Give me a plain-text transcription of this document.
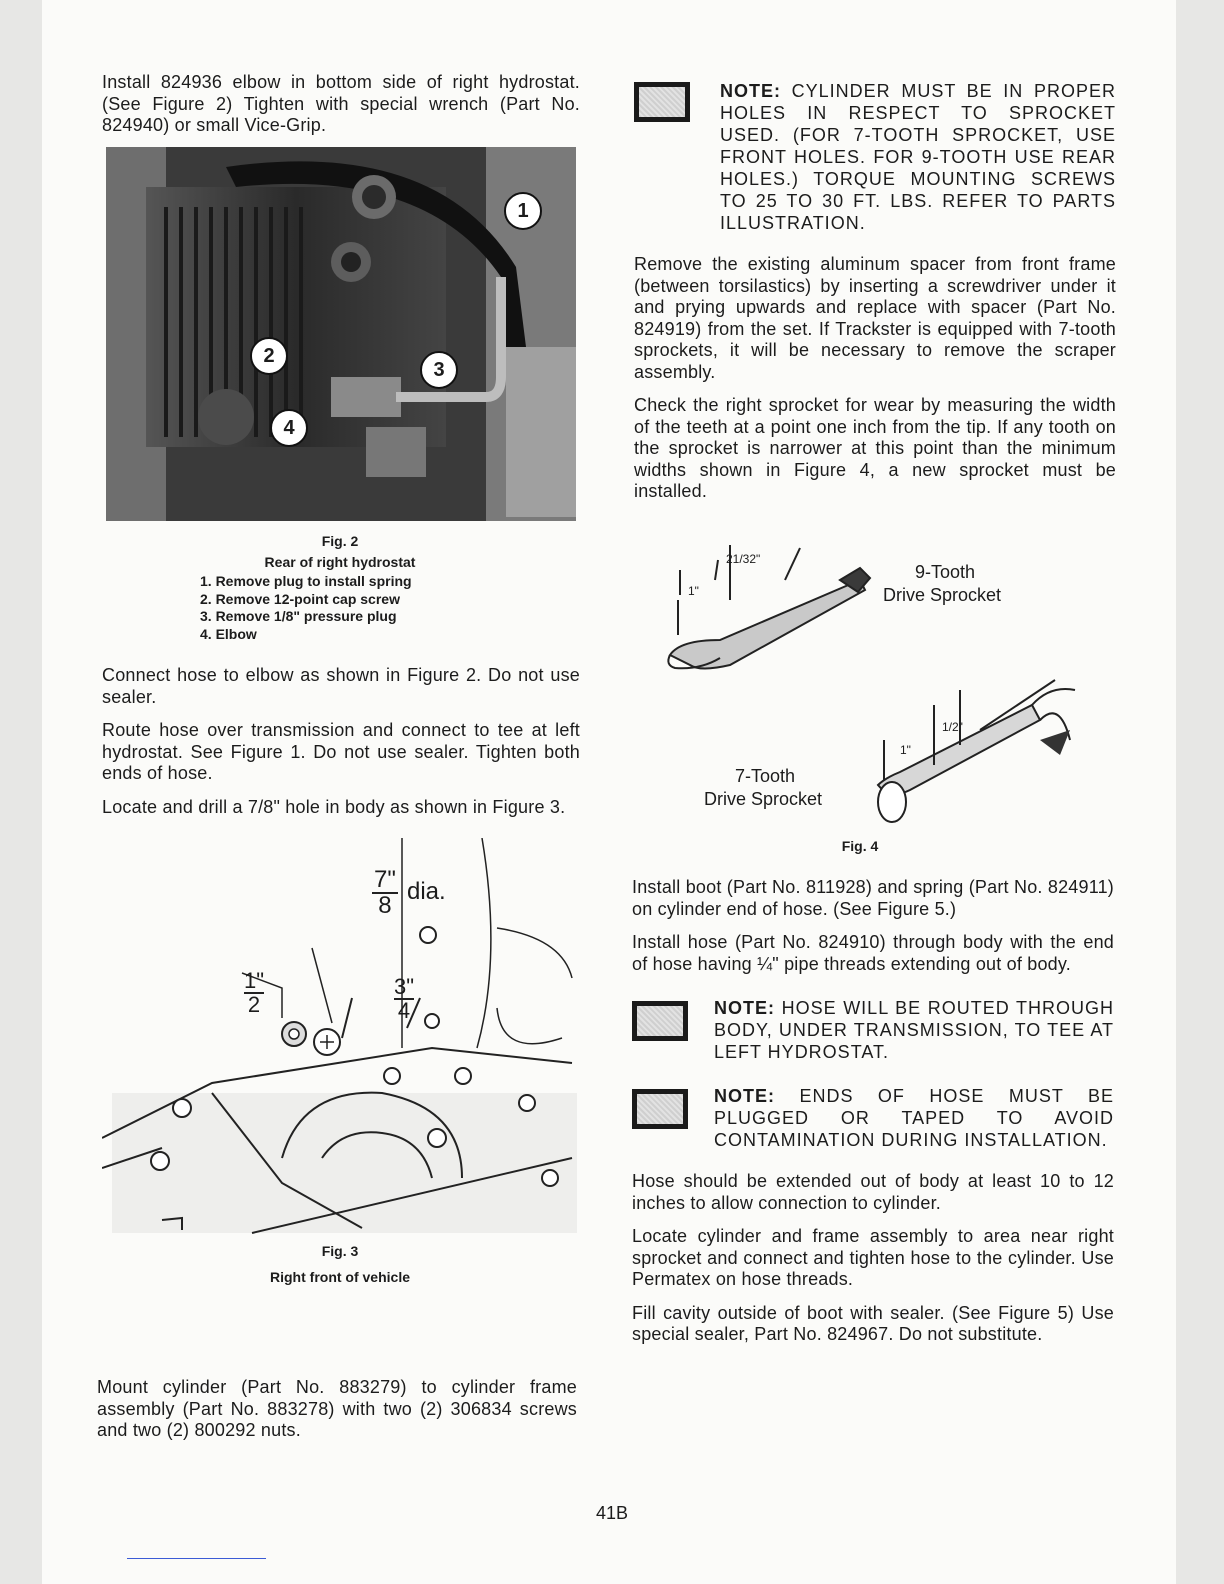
Install 824936 elbow in bottom side of right hydrostat. (See Figure 2) Tighten with special wrench (Part No. 824940) or small Vice-Grip.

1
2
3
4
Fig. 2
Rear of right hydrostat
1. Remove plug to install spring
2. Remove 12-point cap screw
3. Remove 1/8" pressure plug
4. Elbow

Connect hose to elbow as shown in Figure 2. Do not use sealer.

Route hose over transmission and connect to tee at left hydrostat. See Figure 1. Do not use sealer. Tighten both ends of hose.

Locate and drill a 7/8" hole in body as shown in Figure 3.

$\frac{7"}{8}$ dia.
$\frac{1"}{2}$	$\frac{3"}{4}$
Fig. 3
Right front of vehicle

Mount cylinder (Part No. 883279) to cylinder frame assembly (Part No. 883278) with two (2) 306834 screws and two (2) 800292 nuts.

NOTE: CYLINDER MUST BE IN PROPER HOLES IN RESPECT TO SPROCKET USED. (FOR 7-TOOTH SPROCKET, USE FRONT HOLES. FOR 9-TOOTH USE REAR HOLES.) TORQUE MOUNTING SCREWS TO 25 TO 30 FT. LBS. REFER TO PARTS ILLUSTRATION.

Remove the existing aluminum spacer from front frame (between torsilastics) by inserting a screwdriver under it and prying upwards and replace with spacer (Part No. 824919) from the set. If Trackster is equipped with 7-tooth sprockets, it will be necessary to remove the scraper assembly.

Check the right sprocket for wear by measuring the width of the teeth at a point one inch from the tip. If any tooth on the sprocket is narrower at this point than the minimum widths shown in Figure 4, a new sprocket must be installed.

21/32"
1"
9-Tooth
Drive Sprocket
1/2"
1"
7-Tooth
Drive Sprocket
Fig. 4

Install boot (Part No. 811928) and spring (Part No. 824911) on cylinder end of hose. (See Figure 5.)

Install hose (Part No. 824910) through body with the end of hose having ¼" pipe threads extending out of body.

NOTE: HOSE WILL BE ROUTED THROUGH BODY, UNDER TRANSMISSION, TO TEE AT LEFT HYDROSTAT.
NOTE: ENDS OF HOSE MUST BE PLUGGED OR TAPED TO AVOID CONTAMINATION DURING INSTALLATION.

Hose should be extended out of body at least 10 to 12 inches to allow connection to cylinder.

Locate cylinder and frame assembly to area near right sprocket and connect and tighten hose to the cylinder. Use Permatex on hose threads.

Fill cavity outside of boot with sealer. (See Figure 5) Use special sealer, Part No. 824967. Do not substitute.

41B
